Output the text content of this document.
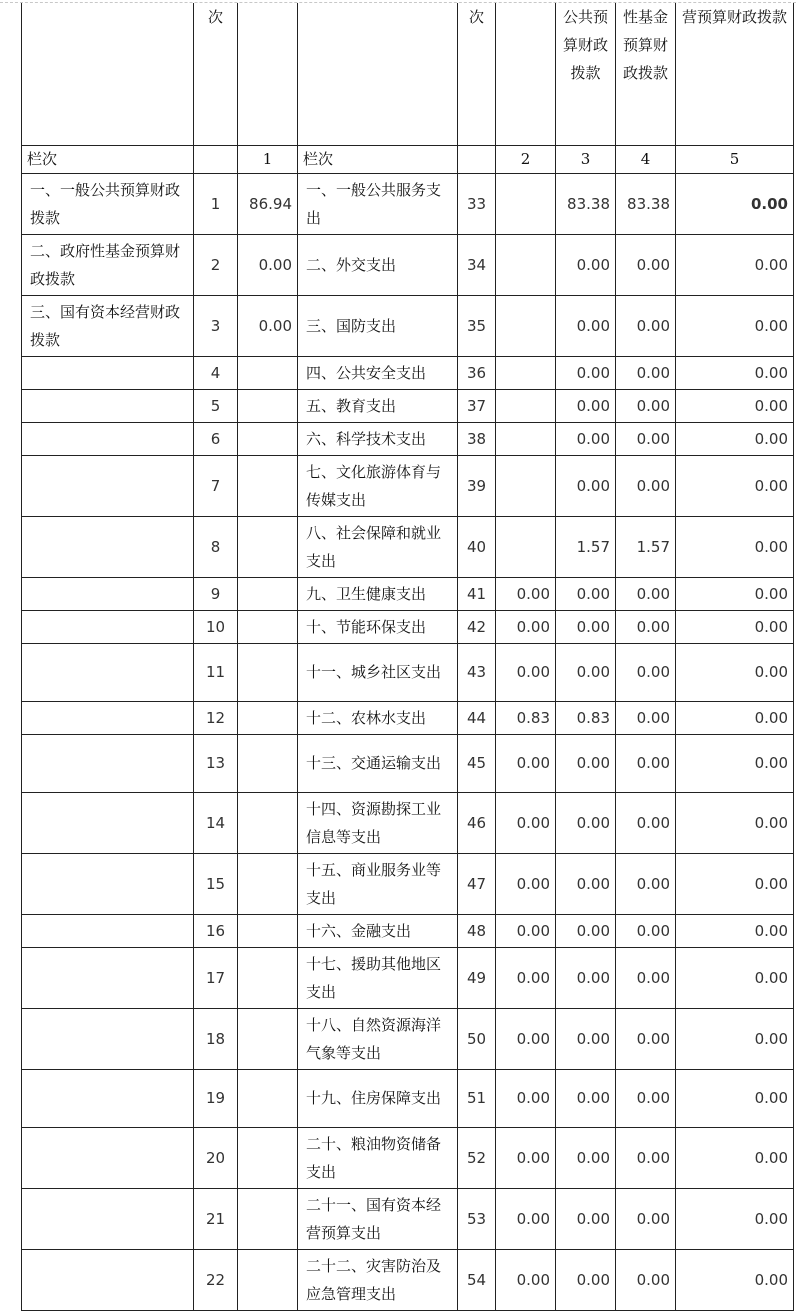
	次			次		公共预算财政拨款	性基金预算财政拨款	营预算财政拨款
栏次		1	栏次		2	3	4	5
一、一般公共预算财政拨款	1	86.94	一、一般公共服务支出	33		83.38	83.38	0.00
二、政府性基金预算财政拨款	2	0.00	二、外交支出	34		0.00	0.00	0.00
三、国有资本经营财政拨款	3	0.00	三、国防支出	35		0.00	0.00	0.00
	4		四、公共安全支出	36		0.00	0.00	0.00
	5		五、教育支出	37		0.00	0.00	0.00
	6		六、科学技术支出	38		0.00	0.00	0.00
	7		七、文化旅游体育与传媒支出	39		0.00	0.00	0.00
	8		八、社会保障和就业支出	40		1.57	1.57	0.00
	9		九、卫生健康支出	41	0.00	0.00	0.00	0.00
	10		十、节能环保支出	42	0.00	0.00	0.00	0.00
	11		十一、城乡社区支出	43	0.00	0.00	0.00	0.00
	12		十二、农林水支出	44	0.83	0.83	0.00	0.00
	13		十三、交通运输支出	45	0.00	0.00	0.00	0.00
	14		十四、资源勘探工业信息等支出	46	0.00	0.00	0.00	0.00
	15		十五、商业服务业等支出	47	0.00	0.00	0.00	0.00
	16		十六、金融支出	48	0.00	0.00	0.00	0.00
	17		十七、援助其他地区支出	49	0.00	0.00	0.00	0.00
	18		十八、自然资源海洋气象等支出	50	0.00	0.00	0.00	0.00
	19		十九、住房保障支出	51	0.00	0.00	0.00	0.00
	20		二十、粮油物资储备支出	52	0.00	0.00	0.00	0.00
	21		二十一、国有资本经营预算支出	53	0.00	0.00	0.00	0.00
	22		二十二、灾害防治及应急管理支出	54	0.00	0.00	0.00	0.00
